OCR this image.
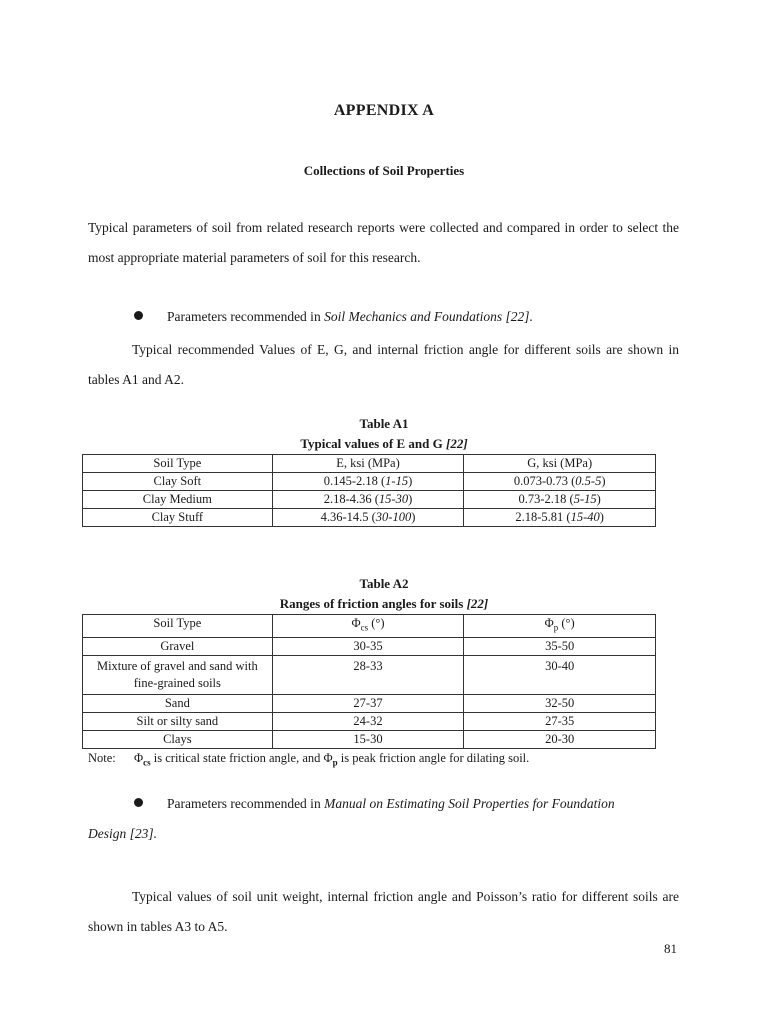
APPENDIX A
Collections of Soil Properties
Typical parameters of soil from related research reports were collected and compared in order to select the most appropriate material parameters of soil for this research.
Parameters recommended in Soil Mechanics and Foundations [22].
Typical recommended Values of E, G, and internal friction angle for different soils are shown in tables A1 and A2.
Table A1
Typical values of E and G [22]
Soil Type	E, ksi (MPa)	G, ksi (MPa)
Clay Soft	0.145-2.18 (1-15)	0.073-0.73 (0.5-5)
Clay Medium	2.18-4.36 (15-30)	0.73-2.18 (5-15)
Clay Stuff	4.36-14.5 (30-100)	2.18-5.81 (15-40)
Table A2
Ranges of friction angles for soils [22]
Soil Type	$\Phi_{cs}$ (°)	$\Phi_p$ (°)
Gravel	30-35	35-50
Mixture of gravel and sand with
fine-grained soils	28-33	30-40
Sand	27-37	32-50
Silt or silty sand	24-32	27-35
Clays	15-30	20-30
Note: $\Phi_{cs}$ is critical state friction angle, and $\Phi_p$ is peak friction angle for dilating soil.
Parameters recommended in Manual on Estimating Soil Properties for Foundation
Design [23].
Typical values of soil unit weight, internal friction angle and Poisson’s ratio for different soils are shown in tables A3 to A5.
81
